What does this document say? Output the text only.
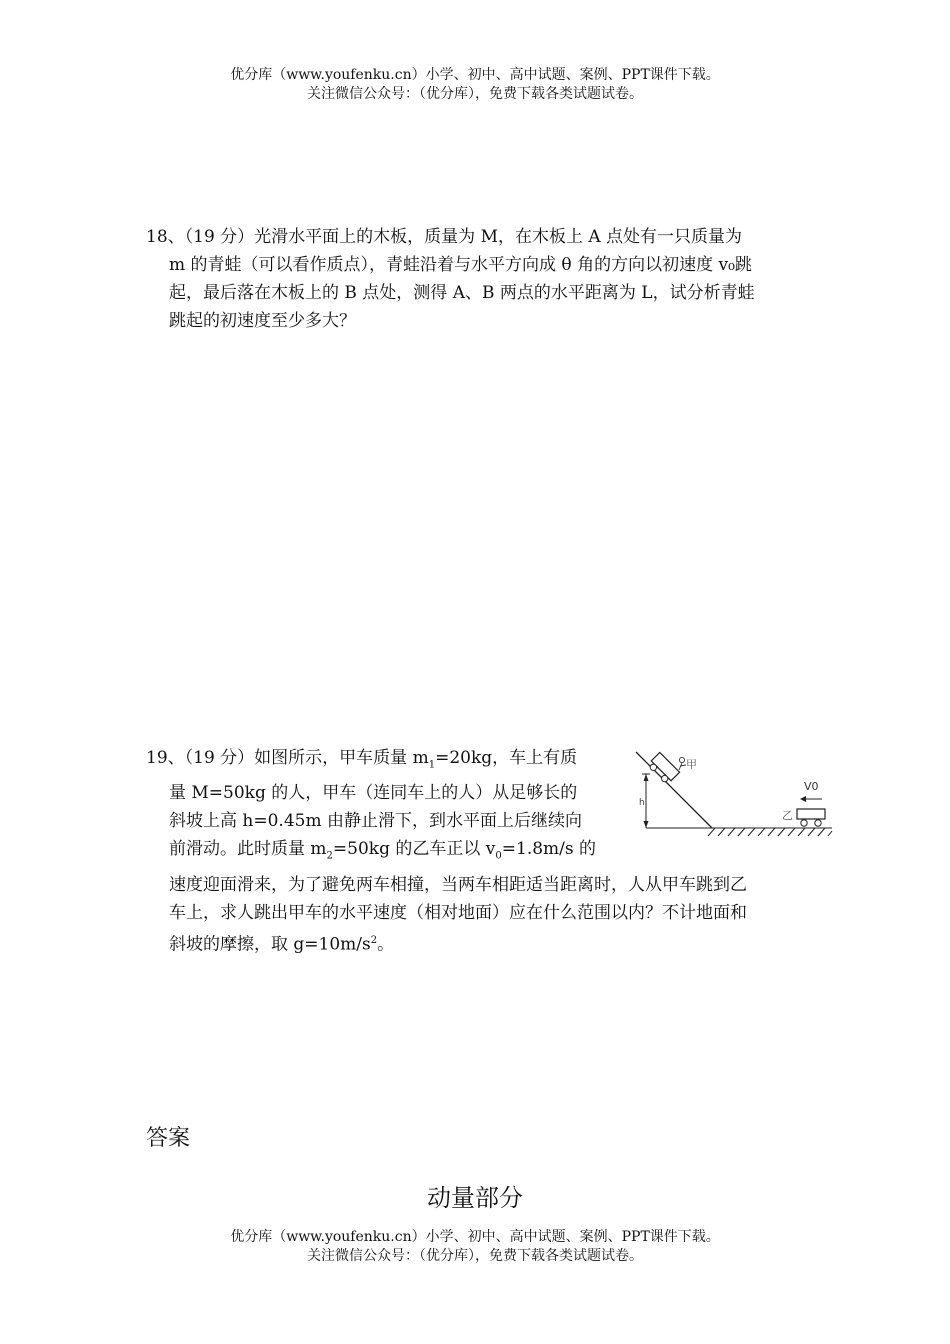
优分库（www.youfenku.cn）小学、初中、高中试题、案例、PPT课件下载。
关注微信公众号：（优分库），免费下载各类试题试卷。

18、（19 分）光滑水平面上的木板，质量为 M，在木板上 A 点处有一只质量为

m 的青蛙（可以看作质点），青蛙沿着与水平方向成 θ 角的方向以初速度 v₀跳

起，最后落在木板上的 B 点处，测得 A、B 两点的水平距离为 L，试分析青蛙

跳起的初速度至少多大？

19、（19 分）如图所示，甲车质量 $m_1=20kg$，车上有质

量 M=50kg 的人，甲车（连同车上的人）从足够长的

斜坡上高 h=0.45m 由静止滑下，到水平面上后继续向

前滑动。此时质量 $m_2=50kg$ 的乙车正以 $v_0=1.8m/s$ 的

速度迎面滑来，为了避免两车相撞，当两车相距适当距离时，人从甲车跳到乙

车上，求人跳出甲车的水平速度（相对地面）应在什么范围以内？不计地面和

斜坡的摩擦，取 $g=10m/s^2$。

h
甲
V0
乙
答案
动量部分
优分库（www.youfenku.cn）小学、初中、高中试题、案例、PPT课件下载。
关注微信公众号：（优分库），免费下载各类试题试卷。
